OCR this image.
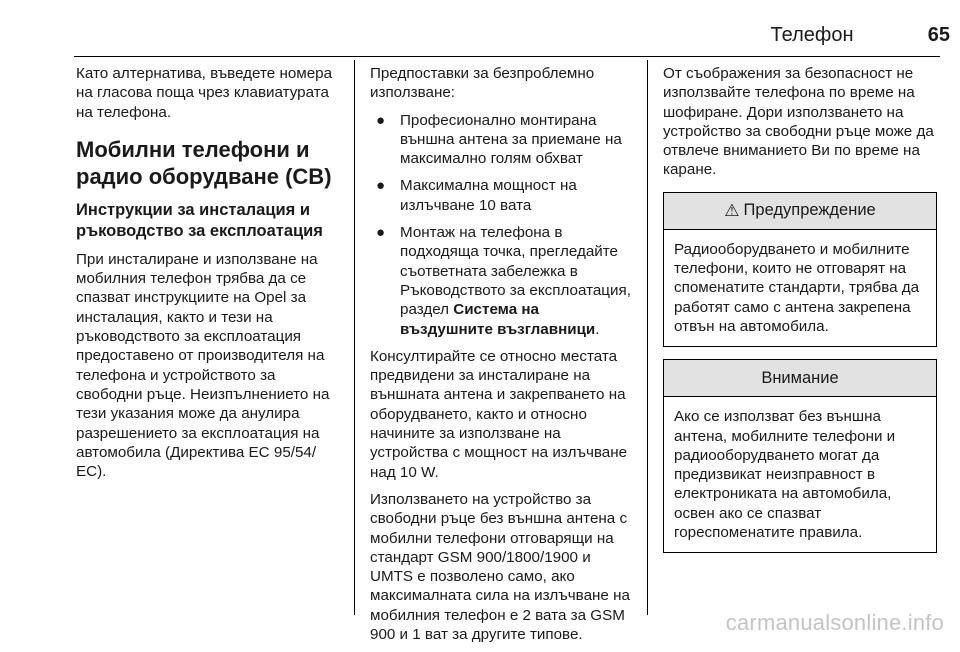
Телефон	65

Като алтернатива, въведете номера на гласова поща чрез клавиатурата на телефона.

Мобилни телефони и радио оборудване (CB)
Инструкции за инсталация и ръководство за експлоатация

При инсталиране и използване на мобилния телефон трябва да се спазват инструкциите на Opel за инсталация, както и тези на ръководството за експлоатация предоставено от производителя на телефона и устройството за свободни ръце. Неизпълнението на тези указания може да анулира разрешението за експлоатация на автомобила (Директива EC 95/54/ EC).

Предпоставки за безпроблемно използване:

● Професионално монтирана външна антена за приемане на максимално голям обхват
● Максимална мощност на излъчване 10 вата
● Монтаж на телефона в подходяща точка, прегледайте съответната забележка в Ръководството за експлоатация, раздел Система на въздушните възглавници.

Консултирайте се относно местата предвидени за инсталиране на външната антена и закрепването на оборудването, както и относно начините за използване на устройства с мощност на излъчване над 10 W.

Използването на устройство за свободни ръце без външна антена с мобилни телефони отговарящи на стандарт GSM 900/1800/1900 и UMTS е позволено само, ако максималната сила на излъчване на мобилния телефон е 2 вата за GSM 900 и 1 ват за другите типове.

От съображения за безопасност не използвайте телефона по време на шофиране. Дори използването на устройство за свободни ръце може да отвлече вниманието Ви по време на каране.

⚠ Предупреждение
Радиооборудването и мобилните телефони, които не отговарят на споменатите стандарти, трябва да работят само с антена закрепена отвън на автомобила.
Внимание
Ако се използват без външна антена, мобилните телефони и радиооборудването могат да предизвикат неизправност в електрониката на автомобила, освен ако се спазват гореспоменатите правила.
carmanualsonline.info
